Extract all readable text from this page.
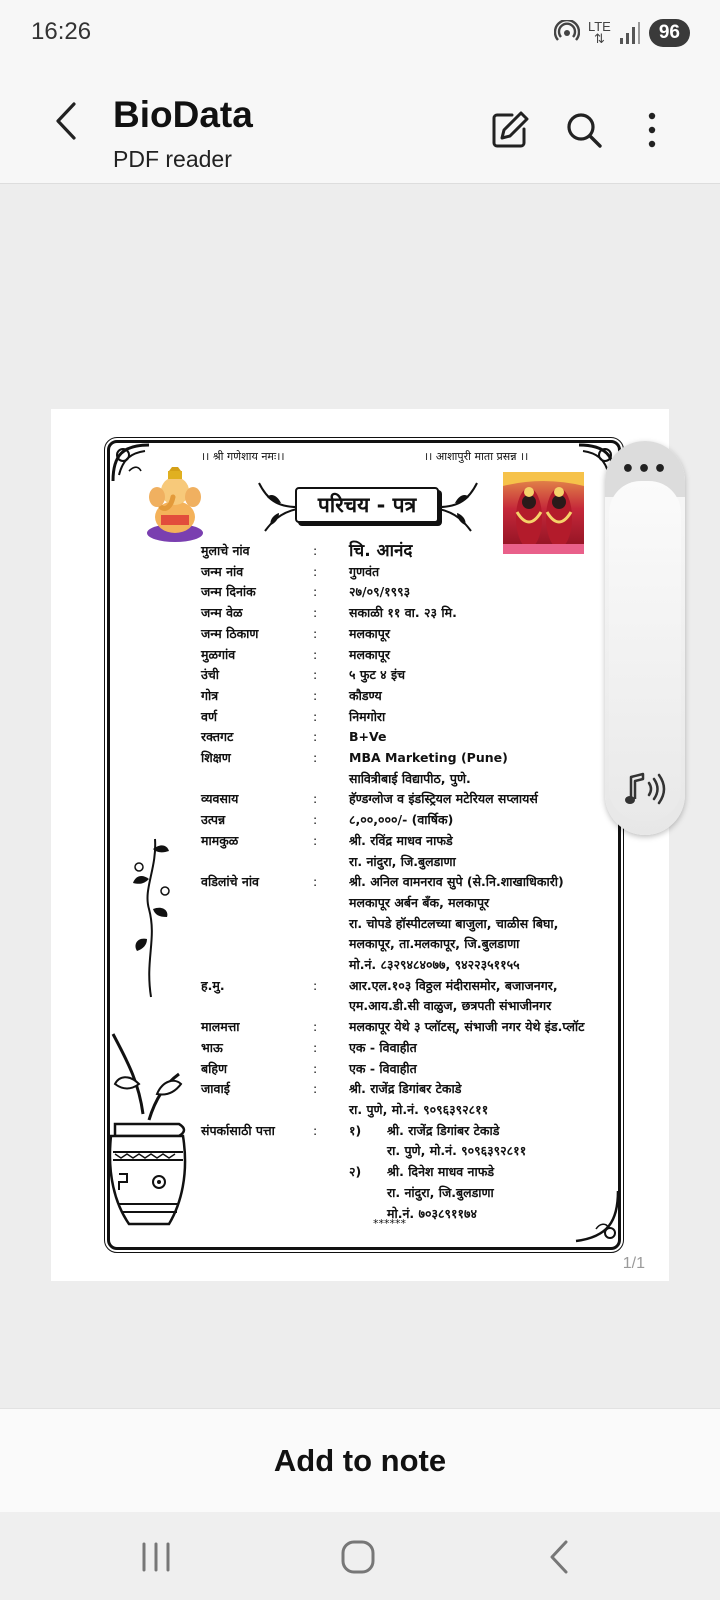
16:26	LTE
⇅	96
BioData
PDF reader
।। श्री गणेशाय नमः।।	।। आशापुरी माता प्रसन्न ।।
परिचय - पत्र
मुलाचे नांव	:	चि. आनंद
जन्म नांव	:	गुणवंत
जन्म दिनांक	:	२७/०९/१९९३
जन्म वेळ	:	सकाळी ११ वा. २३ मि.
जन्म ठिकाण	:	मलकापूर
मुळगांव	:	मलकापूर
उंची	:	५ फुट ४ इंच
गोत्र	:	कौडण्य
वर्ण	:	निमगोरा
रक्तगट	:	B+Ve
शिक्षण	:	MBA Marketing (Pune)
सावित्रीबाई विद्यापीठ, पुणे.
व्यवसाय	:	हॅण्डग्लोज व इंडस्ट्रियल मटेरियल सप्लायर्स
उत्पन्न	:	८,००,०००/- (वार्षिक)
मामकुळ	:	श्री. रविंद्र माधव नाफडे
रा. नांदुरा, जि.बुलडाणा
वडिलांचे नांव	:	श्री. अनिल वामनराव सुपे (से.नि.शाखाधिकारी)
मलकापूर अर्बन बँक, मलकापूर
रा. चोपडे हॉस्पीटलच्या बाजुला, चाळीस बिघा,
मलकापूर, ता.मलकापूर, जि.बुलडाणा
मो.नं. ८३२९४८४०७७, ९४२२३५११५५
ह.मु.	:	आर.एल.१०३ विठ्ठल मंदीरासमोर, बजाजनगर,
एम.आय.डी.सी वाळुज, छत्रपती संभाजीनगर
मालमत्ता	:	मलकापूर येथे ३ प्लॉटस्, संभाजी नगर येथे इंड.प्लॉट
भाऊ	:	एक - विवाहीत
बहिण	:	एक - विवाहीत
जावाई	:	श्री. राजेंद्र डिगांबर टेकाडे
रा. पुणे, मो.नं. ९०९६३९२८११
संपर्कासाठी पत्ता	:	१)	श्री. राजेंद्र डिगांबर टेकाडे
रा. पुणे, मो.नं. ९०९६३९२८११
२)	श्री. दिनेश माधव नाफडे
रा. नांदुरा, जि.बुलडाणा
मो.नं. ७०३८९११७४
******
1/1
•••
Add to note
